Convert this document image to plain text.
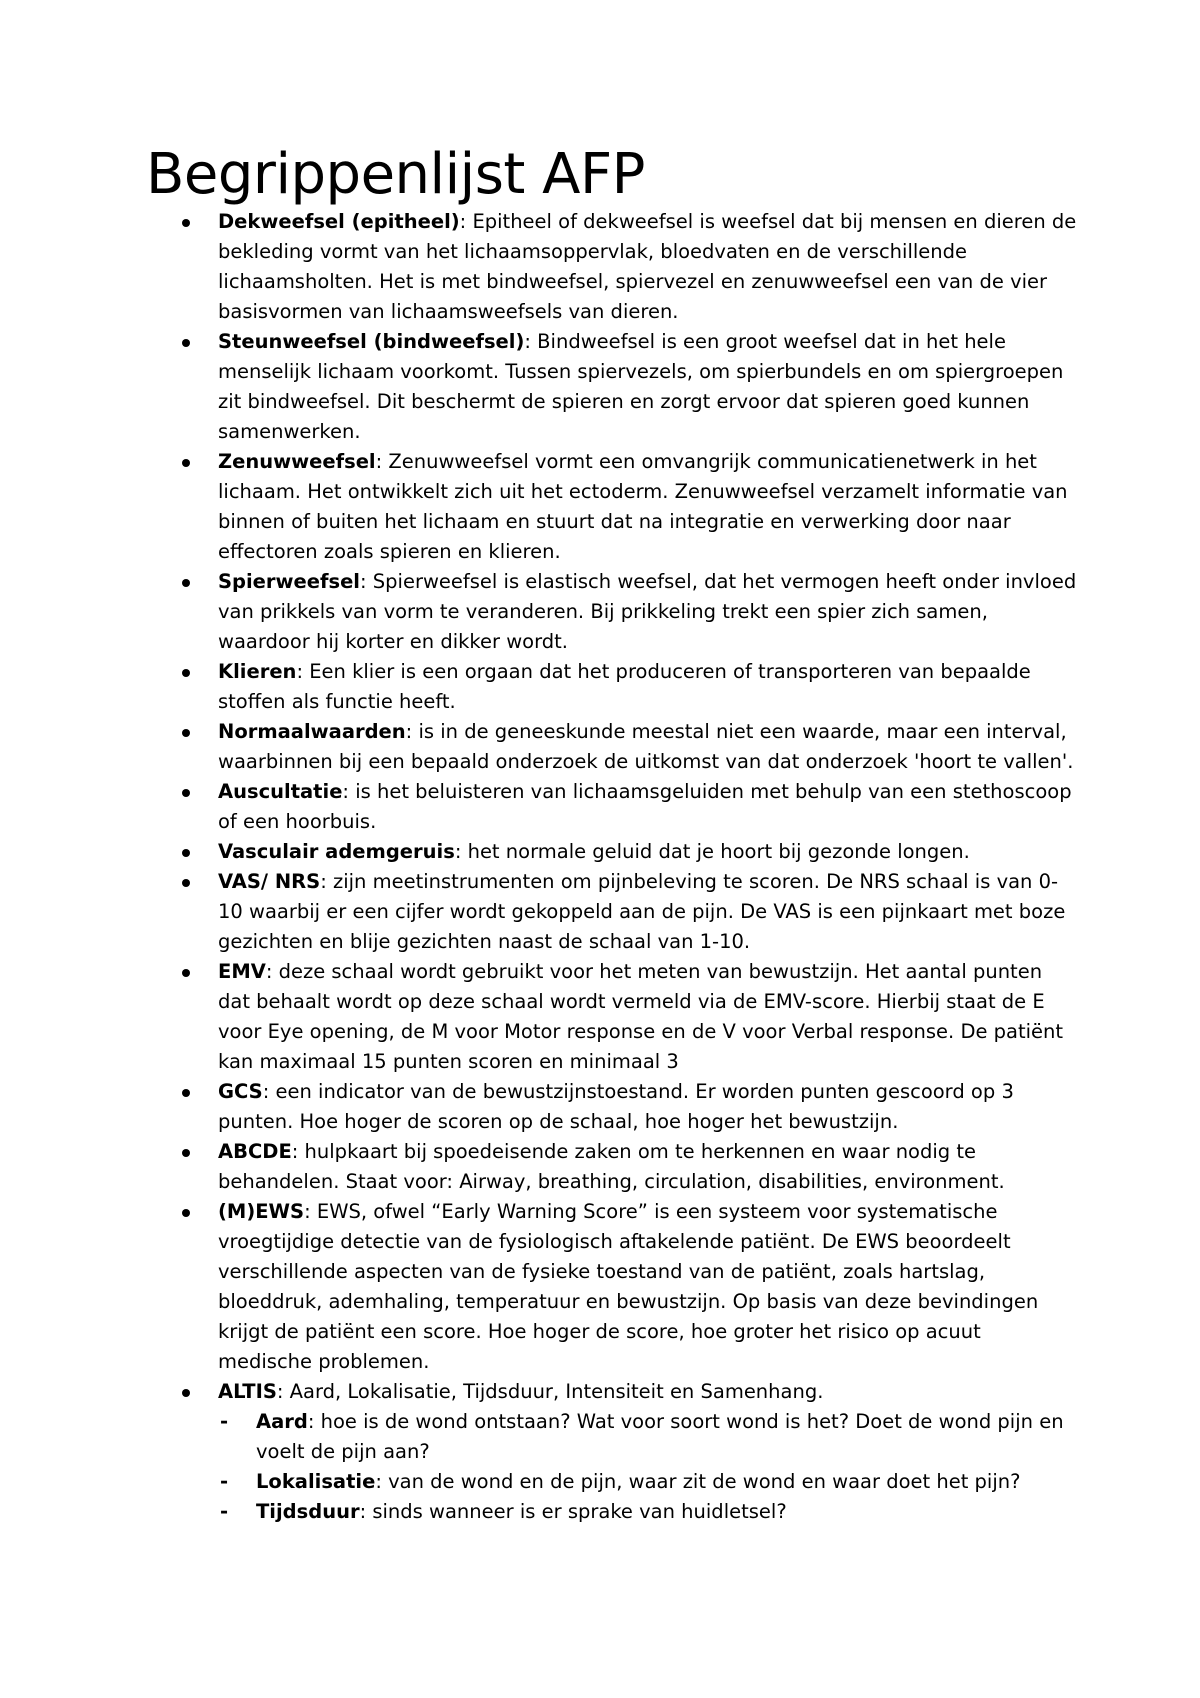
Begrippenlijst AFP
Dekweefsel (epitheel): Epitheel of dekweefsel is weefsel dat bij mensen en dieren de bekleding vormt van het lichaamsoppervlak, bloedvaten en de verschillende lichaamsholten. Het is met bindweefsel, spiervezel en zenuwweefsel een van de vier basisvormen van lichaamsweefsels van dieren.
Steunweefsel (bindweefsel): Bindweefsel is een groot weefsel dat in het hele menselijk lichaam voorkomt. Tussen spiervezels, om spierbundels en om spiergroepen zit bindweefsel. Dit beschermt de spieren en zorgt ervoor dat spieren goed kunnen samenwerken.
Zenuwweefsel: Zenuwweefsel vormt een omvangrijk communicatienetwerk in het lichaam. Het ontwikkelt zich uit het ectoderm. Zenuwweefsel verzamelt informatie van binnen of buiten het lichaam en stuurt dat na integratie en verwerking door naar effectoren zoals spieren en klieren.
Spierweefsel: Spierweefsel is elastisch weefsel, dat het vermogen heeft onder invloed van prikkels van vorm te veranderen. Bij prikkeling trekt een spier zich samen, waardoor hij korter en dikker wordt.
Klieren: Een klier is een orgaan dat het produceren of transporteren van bepaalde stoffen als functie heeft.
Normaalwaarden: is in de geneeskunde meestal niet een waarde, maar een interval, waarbinnen bij een bepaald onderzoek de uitkomst van dat onderzoek 'hoort te vallen'.
Auscultatie: is het beluisteren van lichaamsgeluiden met behulp van een stethoscoop of een hoorbuis.
Vasculair ademgeruis: het normale geluid dat je hoort bij gezonde longen.
VAS/ NRS: zijn meetinstrumenten om pijnbeleving te scoren. De NRS schaal is van 0-10 waarbij er een cijfer wordt gekoppeld aan de pijn. De VAS is een pijnkaart met boze gezichten en blije gezichten naast de schaal van 1-10.
EMV: deze schaal wordt gebruikt voor het meten van bewustzijn. Het aantal punten dat behaalt wordt op deze schaal wordt vermeld via de EMV-score. Hierbij staat de E voor Eye opening, de M voor Motor response en de V voor Verbal response. De patiënt kan maximaal 15 punten scoren en minimaal 3
GCS: een indicator van de bewustzijnstoestand. Er worden punten gescoord op 3 punten. Hoe hoger de scoren op de schaal, hoe hoger het bewustzijn.
ABCDE: hulpkaart bij spoedeisende zaken om te herkennen en waar nodig te behandelen. Staat voor: Airway, breathing, circulation, disabilities, environment.
(M)EWS: EWS, ofwel “Early Warning Score” is een systeem voor systematische vroegtijdige detectie van de fysiologisch aftakelende patiënt. De EWS beoordeelt verschillende aspecten van de fysieke toestand van de patiënt, zoals hartslag, bloeddruk, ademhaling, temperatuur en bewustzijn. Op basis van deze bevindingen krijgt de patiënt een score. Hoe hoger de score, hoe groter het risico op acuut medische problemen.
ALTIS: Aard, Lokalisatie, Tijdsduur, Intensiteit en Samenhang.
- Aard: hoe is de wond ontstaan? Wat voor soort wond is het? Doet de wond pijn en voelt de pijn aan?
- Lokalisatie: van de wond en de pijn, waar zit de wond en waar doet het pijn?
- Tijdsduur: sinds wanneer is er sprake van huidletsel?
